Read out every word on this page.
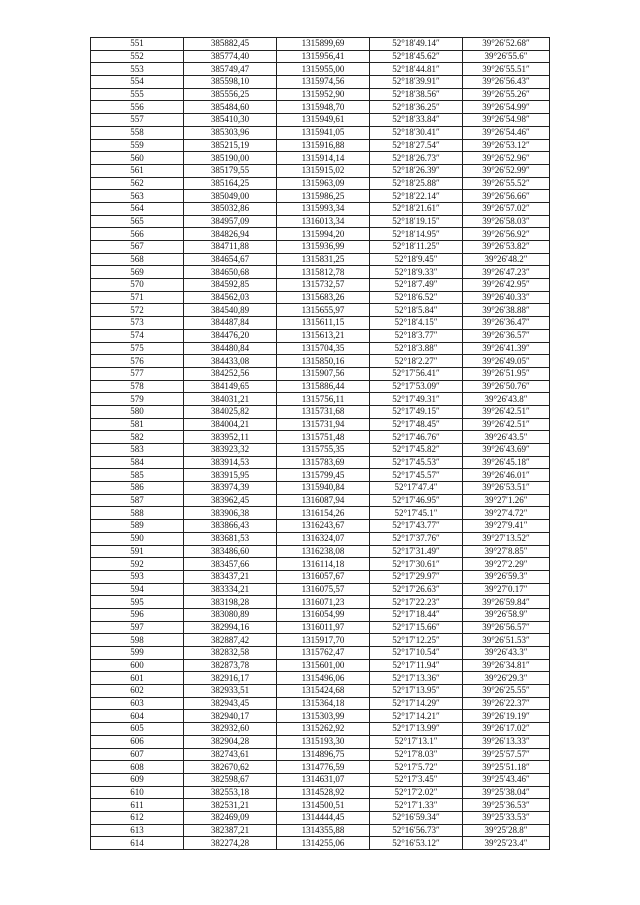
551	385882,45	1315899,69	52°18′49.14″	39°26′52.68″
552	385774,40	1315956,41	52°18′45.62″	39°26′55.6″
553	385749,47	1315955,00	52°18′44.81″	39°26′55.51″
554	385598,10	1315974,56	52°18′39.91″	39°26′56.43″
555	385556,25	1315952,90	52°18′38.56″	39°26′55.26″
556	385484,60	1315948,70	52°18′36.25″	39°26′54.99″
557	385410,30	1315949,61	52°18′33.84″	39°26′54.98″
558	385303,96	1315941,05	52°18′30.41″	39°26′54.46″
559	385215,19	1315916,88	52°18′27.54″	39°26′53.12″
560	385190,00	1315914,14	52°18′26.73″	39°26′52.96″
561	385179,55	1315915,02	52°18′26.39″	39°26′52.99″
562	385164,25	1315963,09	52°18′25.88″	39°26′55.52″
563	385049,00	1315986,25	52°18′22.14″	39°26′56.66″
564	385032,86	1315993,34	52°18′21.61″	39°26′57.02″
565	384957,09	1316013,34	52°18′19.15″	39°26′58.03″
566	384826,94	1315994,20	52°18′14.95″	39°26′56.92″
567	384711,88	1315936,99	52°18′11.25″	39°26′53.82″
568	384654,67	1315831,25	52°18′9.45″	39°26′48.2″
569	384650,68	1315812,78	52°18′9.33″	39°26′47.23″
570	384592,85	1315732,57	52°18′7.49″	39°26′42.95″
571	384562,03	1315683,26	52°18′6.52″	39°26′40.33″
572	384540,89	1315655,97	52°18′5.84″	39°26′38.88″
573	384487,84	1315611,15	52°18′4.15″	39°26′36.47″
574	384476,20	1315613,21	52°18′3.77″	39°26′36.57″
575	384480,84	1315704,35	52°18′3.88″	39°26′41.39″
576	384433,08	1315850,16	52°18′2.27″	39°26′49.05″
577	384252,56	1315907,56	52°17′56.41″	39°26′51.95″
578	384149,65	1315886,44	52°17′53.09″	39°26′50.76″
579	384031,21	1315756,11	52°17′49.31″	39°26′43.8″
580	384025,82	1315731,68	52°17′49.15″	39°26′42.51″
581	384004,21	1315731,94	52°17′48.45″	39°26′42.51″
582	383952,11	1315751,48	52°17′46.76″	39°26′43.5″
583	383923,32	1315755,35	52°17′45.82″	39°26′43.69″
584	383914,53	1315783,69	52°17′45.53″	39°26′45.18″
585	383915,95	1315799,45	52°17′45.57″	39°26′46.01″
586	383974,39	1315940,84	52°17′47.4″	39°26′53.51″
587	383962,45	1316087,94	52°17′46.95″	39°27′1.26″
588	383906,38	1316154,26	52°17′45.1″	39°27′4.72″
589	383866,43	1316243,67	52°17′43.77″	39°27′9.41″
590	383681,53	1316324,07	52°17′37.76″	39°27′13.52″
591	383486,60	1316238,08	52°17′31.49″	39°27′8.85″
592	383457,66	1316114,18	52°17′30.61″	39°27′2.29″
593	383437,21	1316057,67	52°17′29.97″	39°26′59.3″
594	383334,21	1316075,57	52°17′26.63″	39°27′0.17″
595	383198,28	1316071,23	52°17′22.23″	39°26′59.84″
596	383080,89	1316054,99	52°17′18.44″	39°26′58.9″
597	382994,16	1316011,97	52°17′15.66″	39°26′56.57″
598	382887,42	1315917,70	52°17′12.25″	39°26′51.53″
599	382832,58	1315762,47	52°17′10.54″	39°26′43.3″
600	382873,78	1315601,00	52°17′11.94″	39°26′34.81″
601	382916,17	1315496,06	52°17′13.36″	39°26′29.3″
602	382933,51	1315424,68	52°17′13.95″	39°26′25.55″
603	382943,45	1315364,18	52°17′14.29″	39°26′22.37″
604	382940,17	1315303,99	52°17′14.21″	39°26′19.19″
605	382932,60	1315262,92	52°17′13.99″	39°26′17.02″
606	382904,28	1315193,30	52°17′13.1″	39°26′13.33″
607	382743,61	1314896,75	52°17′8.03″	39°25′57.57″
608	382670,62	1314776,59	52°17′5.72″	39°25′51.18″
609	382598,67	1314631,07	52°17′3.45″	39°25′43.46″
610	382553,18	1314528,92	52°17′2.02″	39°25′38.04″
611	382531,21	1314500,51	52°17′1.33″	39°25′36.53″
612	382469,09	1314444,45	52°16′59.34″	39°25′33.53″
613	382387,21	1314355,88	52°16′56.73″	39°25′28.8″
614	382274,28	1314255,06	52°16′53.12″	39°25′23.4″
